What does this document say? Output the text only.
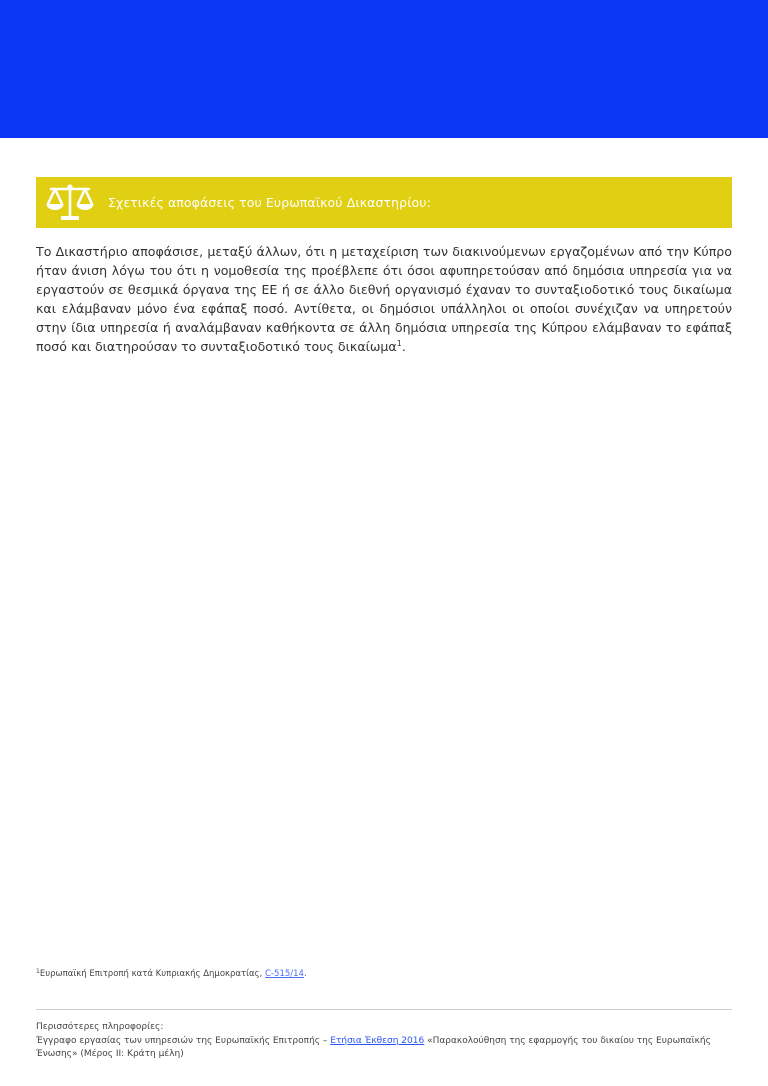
Σχετικές αποφάσεις του Ευρωπαϊκού Δικαστηρίου:

Το Δικαστήριο αποφάσισε, μεταξύ άλλων, ότι η μεταχείριση των διακινούμενων εργαζομένων από την Κύπρο ήταν άνιση λόγω του ότι η νομοθεσία της προέβλεπε ότι όσοι αφυπηρετούσαν από δημόσια υπηρεσία για να εργαστούν σε θεσμικά όργανα της ΕΕ ή σε άλλο διεθνή οργανισμό έχαναν το συνταξιοδοτικό τους δικαίωμα και ελάμβαναν μόνο ένα εφάπαξ ποσό. Αντίθετα, οι δημόσιοι υπάλληλοι οι οποίοι συνέχιζαν να υπηρετούν στην ίδια υπηρεσία ή αναλάμβαναν καθήκοντα σε άλλη δημόσια υπηρεσία της Κύπρου ελάμβαναν το εφάπαξ ποσό και διατηρούσαν το συνταξιοδοτικό τους δικαίωμα$^1$.

$^1$Ευρωπαϊκή Επιτροπή κατά Κυπριακής Δημοκρατίας, C-515/14.
Περισσότερες πληροφορίες:
Έγγραφο εργασίας των υπηρεσιών της Ευρωπαϊκής Επιτροπής – Ετήσια Έκθεση 2016 «Παρακολούθηση της εφαρμογής του δικαίου της Ευρωπαϊκής Ένωσης» (Μέρος II: Κράτη μέλη)
